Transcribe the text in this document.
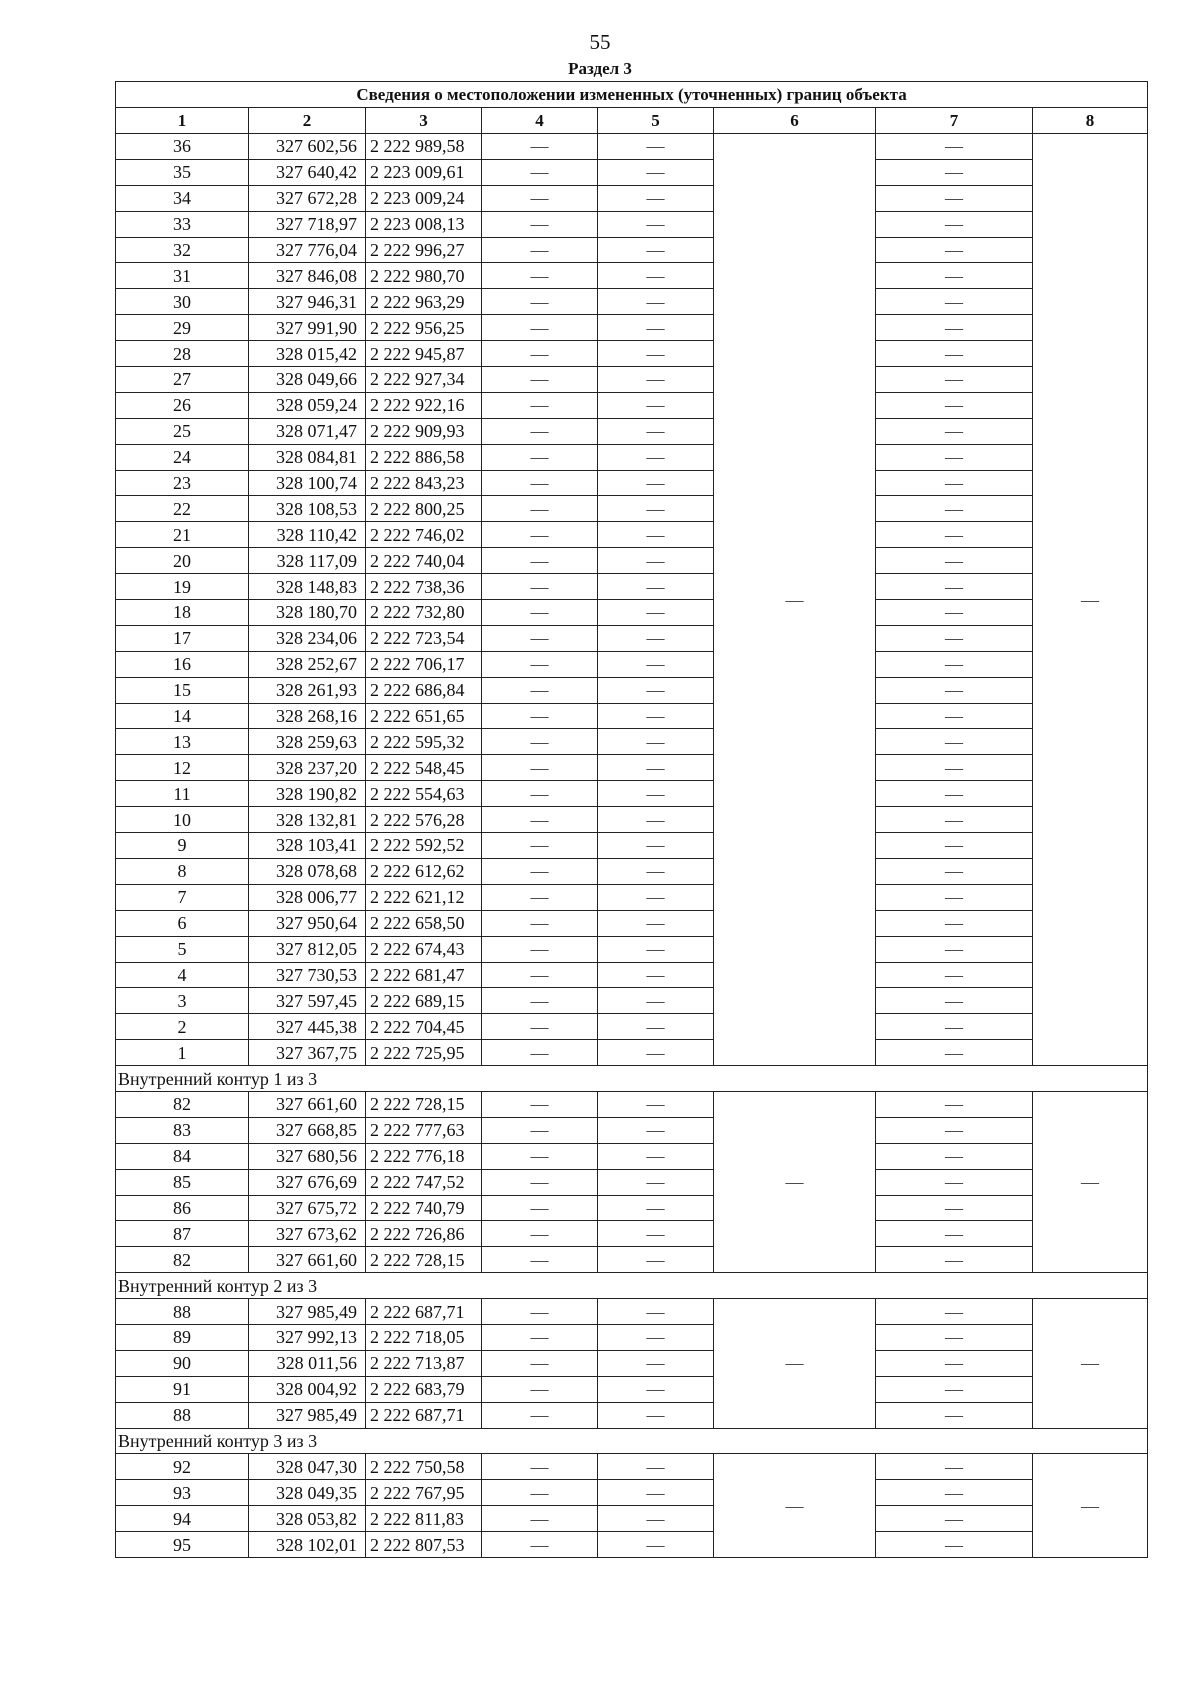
55
Раздел 3
Сведения о местоположении измененных (уточненных) границ объекта							
1	2	3	4	5	6	7	8
36	327 602,56	2 222 989,58	—	—	—	—	—
35	327 640,42	2 223 009,61	—	—		—	
34	327 672,28	2 223 009,24	—	—		—	
33	327 718,97	2 223 008,13	—	—		—	
32	327 776,04	2 222 996,27	—	—		—	
31	327 846,08	2 222 980,70	—	—		—	
30	327 946,31	2 222 963,29	—	—		—	
29	327 991,90	2 222 956,25	—	—		—	
28	328 015,42	2 222 945,87	—	—		—	
27	328 049,66	2 222 927,34	—	—		—	
26	328 059,24	2 222 922,16	—	—		—	
25	328 071,47	2 222 909,93	—	—		—	
24	328 084,81	2 222 886,58	—	—		—	
23	328 100,74	2 222 843,23	—	—		—	
22	328 108,53	2 222 800,25	—	—		—	
21	328 110,42	2 222 746,02	—	—		—	
20	328 117,09	2 222 740,04	—	—		—	
19	328 148,83	2 222 738,36	—	—		—	
18	328 180,70	2 222 732,80	—	—		—	
17	328 234,06	2 222 723,54	—	—		—	
16	328 252,67	2 222 706,17	—	—		—	
15	328 261,93	2 222 686,84	—	—		—	
14	328 268,16	2 222 651,65	—	—		—	
13	328 259,63	2 222 595,32	—	—		—	
12	328 237,20	2 222 548,45	—	—		—	
11	328 190,82	2 222 554,63	—	—		—	
10	328 132,81	2 222 576,28	—	—		—	
9	328 103,41	2 222 592,52	—	—		—	
8	328 078,68	2 222 612,62	—	—		—	
7	328 006,77	2 222 621,12	—	—		—	
6	327 950,64	2 222 658,50	—	—		—	
5	327 812,05	2 222 674,43	—	—		—	
4	327 730,53	2 222 681,47	—	—		—	
3	327 597,45	2 222 689,15	—	—		—	
2	327 445,38	2 222 704,45	—	—		—	
1	327 367,75	2 222 725,95	—	—		—	
Внутренний контур 1 из 3							
82	327 661,60	2 222 728,15	—	—	—	—	—
83	327 668,85	2 222 777,63	—	—		—	
84	327 680,56	2 222 776,18	—	—		—	
85	327 676,69	2 222 747,52	—	—		—	
86	327 675,72	2 222 740,79	—	—		—	
87	327 673,62	2 222 726,86	—	—		—	
82	327 661,60	2 222 728,15	—	—		—	
Внутренний контур 2 из 3							
88	327 985,49	2 222 687,71	—	—	—	—	—
89	327 992,13	2 222 718,05	—	—		—	
90	328 011,56	2 222 713,87	—	—		—	
91	328 004,92	2 222 683,79	—	—		—	
88	327 985,49	2 222 687,71	—	—		—	
Внутренний контур 3 из 3							
92	328 047,30	2 222 750,58	—	—	—	—	—
93	328 049,35	2 222 767,95	—	—		—	
94	328 053,82	2 222 811,83	—	—		—	
95	328 102,01	2 222 807,53	—	—		—	
